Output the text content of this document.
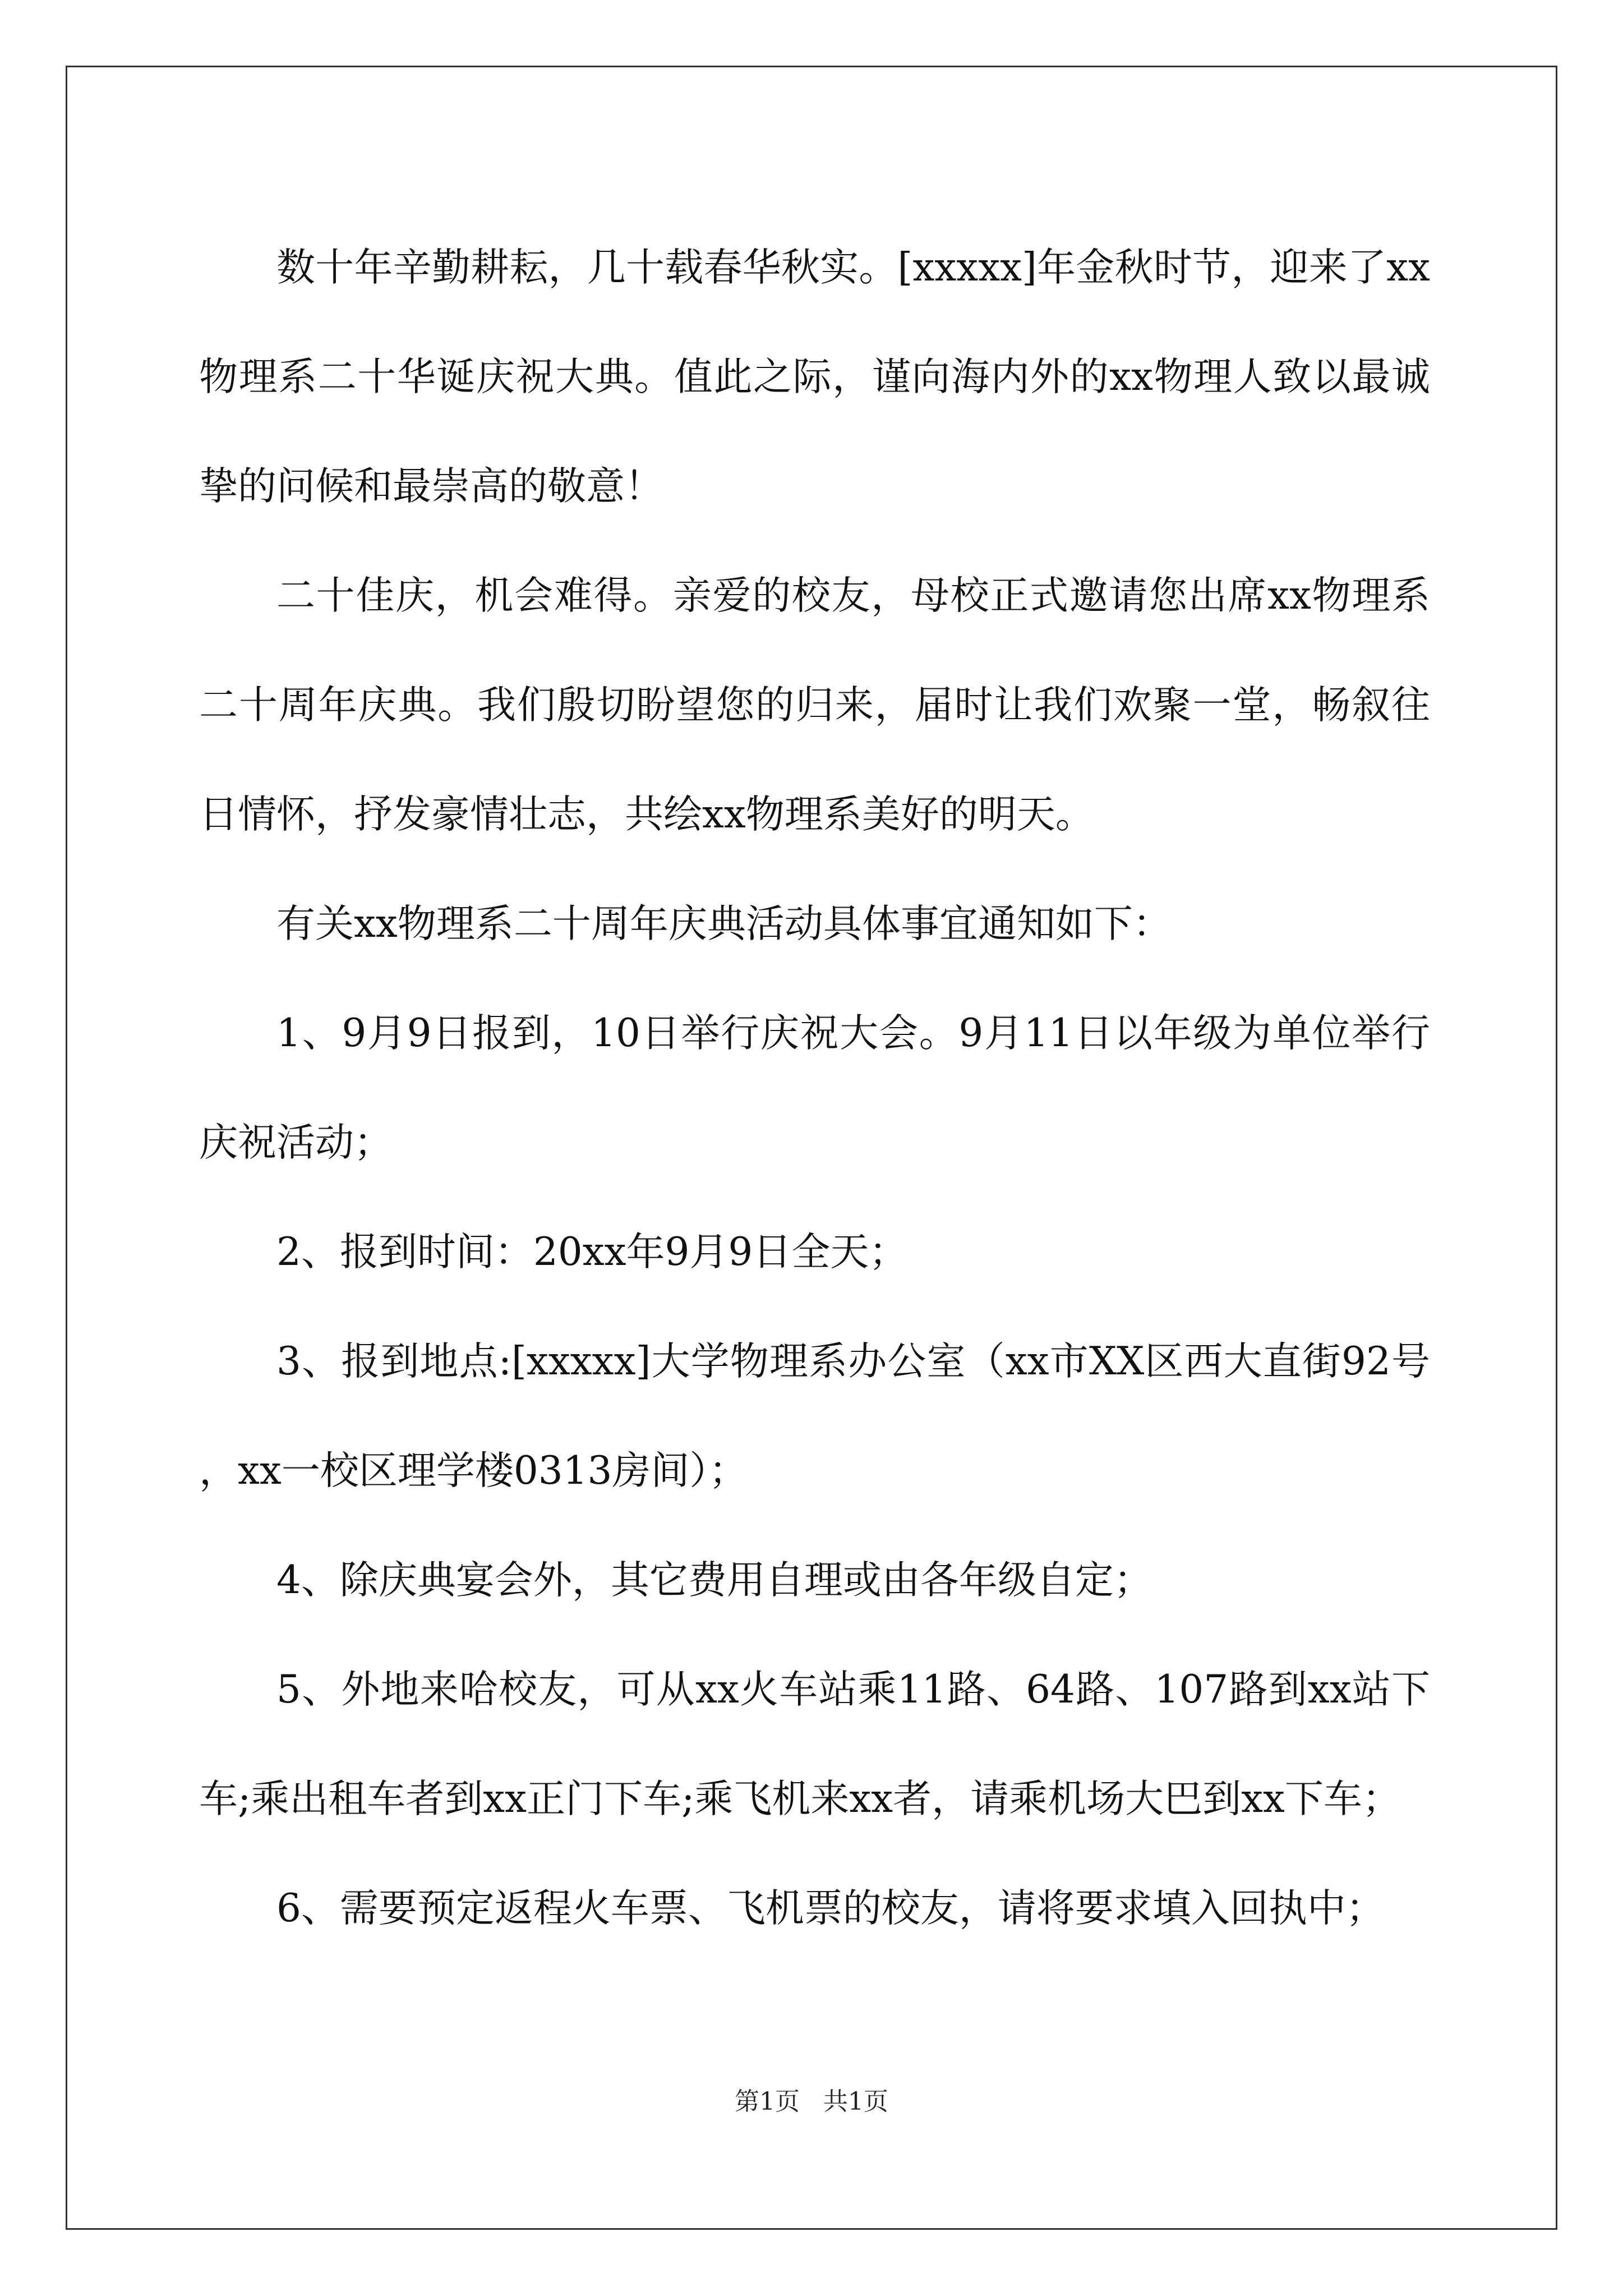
数十年辛勤耕耘，几十载春华秋实。[xxxxx]年金秋时节，迎来了xx物理系二十华诞庆祝大典。值此之际，谨向海内外的xx物理人致以最诚挚的问候和最崇高的敬意！

二十佳庆，机会难得。亲爱的校友，母校正式邀请您出席xx物理系二十周年庆典。我们殷切盼望您的归来，届时让我们欢聚一堂，畅叙往日情怀，抒发豪情壮志，共绘xx物理系美好的明天。

有关xx物理系二十周年庆典活动具体事宜通知如下：

1、9月9日报到，10日举行庆祝大会。9月11日以年级为单位举行庆祝活动；

2、报到时间：20xx年9月9日全天；

3、报到地点:[xxxxx]大学物理系办公室（xx市XX区西大直街92号，xx一校区理学楼0313房间）；

4、除庆典宴会外，其它费用自理或由各年级自定；

5、外地来哈校友，可从xx火车站乘11路、64路、107路到xx站下车;乘出租车者到xx正门下车;乘飞机来xx者，请乘机场大巴到xx下车；

6、需要预定返程火车票、飞机票的校友，请将要求填入回执中；

第1页   共1页
